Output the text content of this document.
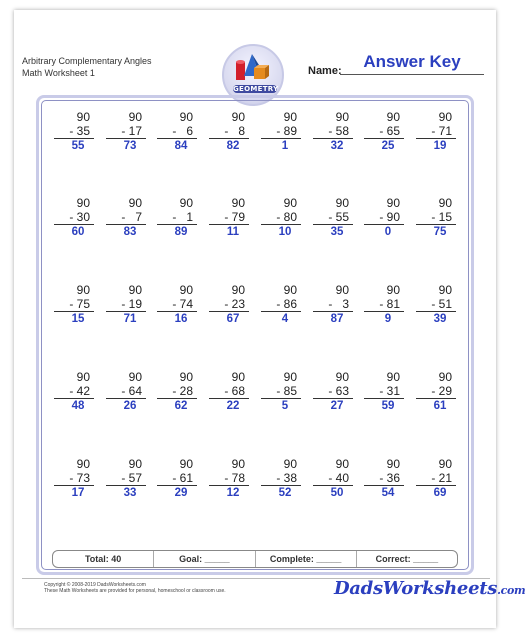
Arbitrary Complementary Angles
Math Worksheet 1
GEOMETRY
Name:	Answer Key
90
- 35
55
90
- 17
73
90
-   6
84
90
-   8
82
90
- 89
1
90
- 58
32
90
- 65
25
90
- 71
19
90
- 30
60
90
-   7
83
90
-   1
89
90
- 79
11
90
- 80
10
90
- 55
35
90
- 90
0
90
- 15
75
90
- 75
15
90
- 19
71
90
- 74
16
90
- 23
67
90
- 86
4
90
-   3
87
90
- 81
9
90
- 51
39
90
- 42
48
90
- 64
26
90
- 28
62
90
- 68
22
90
- 85
5
90
- 63
27
90
- 31
59
90
- 29
61
90
- 73
17
90
- 57
33
90
- 61
29
90
- 78
12
90
- 38
52
90
- 40
50
90
- 36
54
90
- 21
69
Total: 40	Goal: _____	Complete: _____	Correct: _____
Copyright © 2008-2019 DadsWorksheets.com
These Math Worksheets are provided for personal, homeschool or classroom use.	DadsWorksheets.com
